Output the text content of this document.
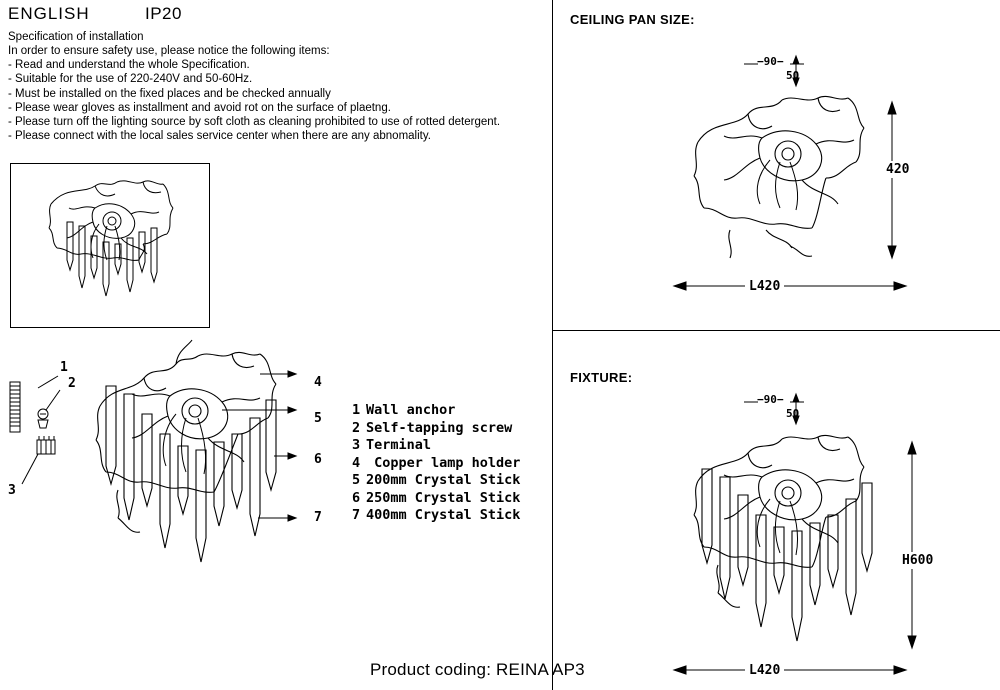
ENGLISH	IP20
Specification of installation
In order to ensure safety use, please notice the following items:
- Read and understand the whole Specification.
- Suitable for the use of 220-240V and 50-60Hz.
- Must be installed on the fixed places and be checked annually
- Please wear gloves as installment and avoid rot on the surface of plaetng.
- Please turn off the lighting source by soft cloth as cleaning prohibited to use of rotted detergent.
- Please connect with the local sales service center when there are any abnomality.
1
2
3
4
5
6
7
1 Wall anchor
2 Self-tapping screw
3 Terminal
4 Copper lamp holder
5 200mm Crystal Stick
6 250mm Crystal Stick
7 400mm Crystal Stick
CEILING PAN SIZE:
−90−
50
420
L420
FIXTURE:
−90−
50
H600
L420
Product coding: REINA AP3
